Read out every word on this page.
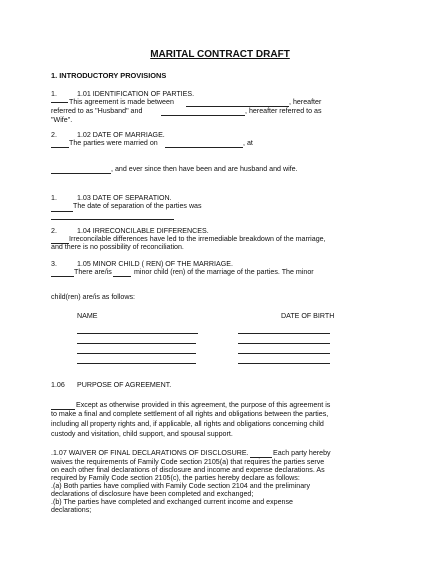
MARITAL CONTRACT DRAFT

1. INTRODUCTORY PROVISIONS

1.	1.01 IDENTIFICATION OF PARTIES.

This agreement is made between	, hereafter

referred to as "Husband" and	, hereafter referred to as

"Wife".

2.	1.02 DATE OF MARRIAGE.

The parties were married on	, at

, and ever since then have been and are husband and wife.

1.	1.03 DATE OF SEPARATION.

The date of separation of the parties was

2.	1.04 IRRECONCILABLE DIFFERENCES.

Irreconcilable differences have led to the irremediable breakdown of the marriage,

and there is no possibility of reconciliation.

3.	1.05 MINOR CHILD ( REN) OF THE MARRIAGE.

There are/is	minor child (ren) of the marriage of the parties. The minor

child(ren) are/is as follows:

NAME	DATE OF BIRTH

1.06 PURPOSE OF AGREEMENT.

Except as otherwise provided in this agreement, the purpose of this agreement is

to make a final and complete settlement of all rights and obligations between the parties,

including all property rights and, if applicable, all rights and obligations concerning child

custody and visitation, child support, and spousal support.

.1.07 WAIVER OF FINAL DECLARATIONS OF DISCLOSURE.	Each party hereby

waives the requirements of Family Code section 2105(a) that requires the parties serve

on each other final declarations of disclosure and income and expense declarations. As

required by Family Code section 2105(c), the parties hereby declare as follows:

.(a) Both parties have complied with Family Code section 2104 and the preliminary

declarations of disclosure have been completed and exchanged;

.(b) The parties have completed and exchanged current income and expense

declarations;
